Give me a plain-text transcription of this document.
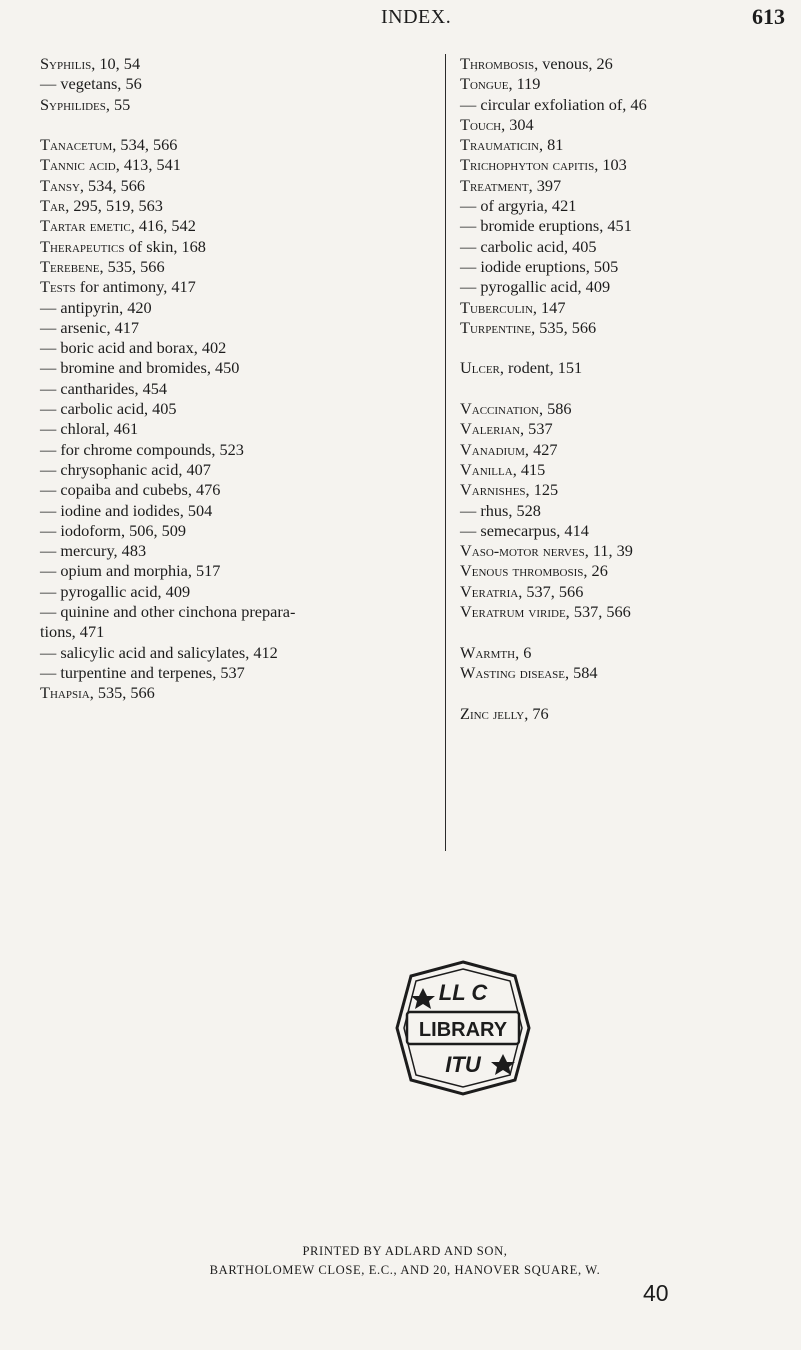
INDEX.	613
Syphilis, 10, 54
— vegetans, 56
Syphilides, 55
Tanacetum, 534, 566
Tannic acid, 413, 541
Tansy, 534, 566
Tar, 295, 519, 563
Tartar emetic, 416, 542
Therapeutics of skin, 168
Terebene, 535, 566
Tests for antimony, 417
— antipyrin, 420
— arsenic, 417
— boric acid and borax, 402
— bromine and bromides, 450
— cantharides, 454
— carbolic acid, 405
— chloral, 461
— for chrome compounds, 523
— chrysophanic acid, 407
— copaiba and cubebs, 476
— iodine and iodides, 504
— iodoform, 506, 509
— mercury, 483
— opium and morphia, 517
— pyrogallic acid, 409
— quinine and other cinchona prepara-
tions, 471
— salicylic acid and salicylates, 412
— turpentine and terpenes, 537
Thapsia, 535, 566
Thrombosis, venous, 26
Tongue, 119
— circular exfoliation of, 46
Touch, 304
Traumaticin, 81
Trichophyton capitis, 103
Treatment, 397
— of argyria, 421
— bromide eruptions, 451
— carbolic acid, 405
— iodide eruptions, 505
— pyrogallic acid, 409
Tuberculin, 147
Turpentine, 535, 566
Ulcer, rodent, 151
Vaccination, 586
Valerian, 537
Vanadium, 427
Vanilla, 415
Varnishes, 125
— rhus, 528
— semecarpus, 414
Vaso-motor nerves, 11, 39
Venous thrombosis, 26
Veratria, 537, 566
Veratrum viride, 537, 566
Warmth, 6
Wasting disease, 584
Zinc jelly, 76
LL C
LIBRARY
ITU
PRINTED BY ADLARD AND SON,
BARTHOLOMEW CLOSE, E.C., AND 20, HANOVER SQUARE, W.
40
